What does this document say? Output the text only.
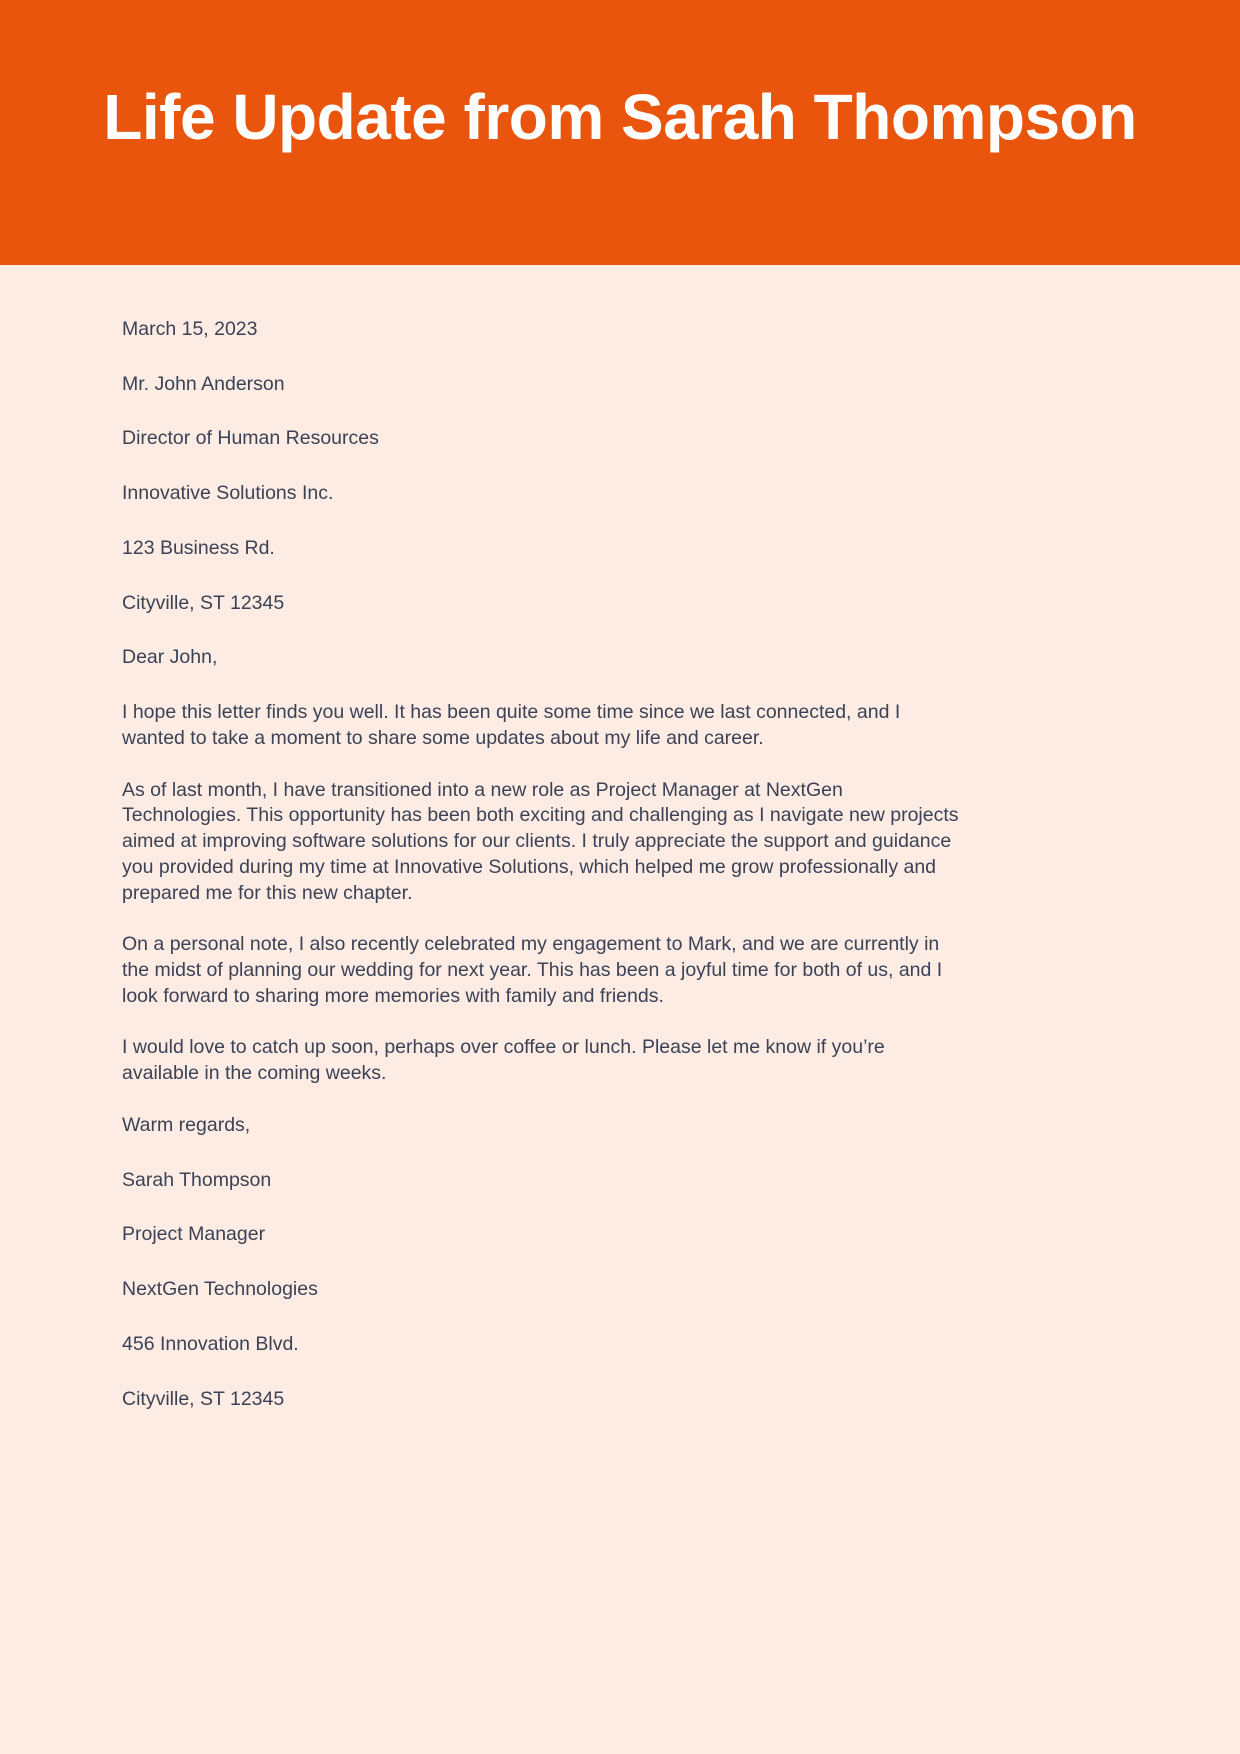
Life Update from Sarah Thompson
March 15, 2023
Mr. John Anderson
Director of Human Resources
Innovative Solutions Inc.
123 Business Rd.
Cityville, ST 12345
Dear John,

I hope this letter finds you well. It has been quite some time since we last connected, and I wanted to take a moment to share some updates about my life and career.

As of last month, I have transitioned into a new role as Project Manager at NextGen Technologies. This opportunity has been both exciting and challenging as I navigate new projects aimed at improving software solutions for our clients. I truly appreciate the support and guidance you provided during my time at Innovative Solutions, which helped me grow professionally and prepared me for this new chapter.

On a personal note, I also recently celebrated my engagement to Mark, and we are currently in the midst of planning our wedding for next year. This has been a joyful time for both of us, and I look forward to sharing more memories with family and friends.

I would love to catch up soon, perhaps over coffee or lunch. Please let me know if you’re available in the coming weeks.

Warm regards,
Sarah Thompson
Project Manager
NextGen Technologies
456 Innovation Blvd.
Cityville, ST 12345
